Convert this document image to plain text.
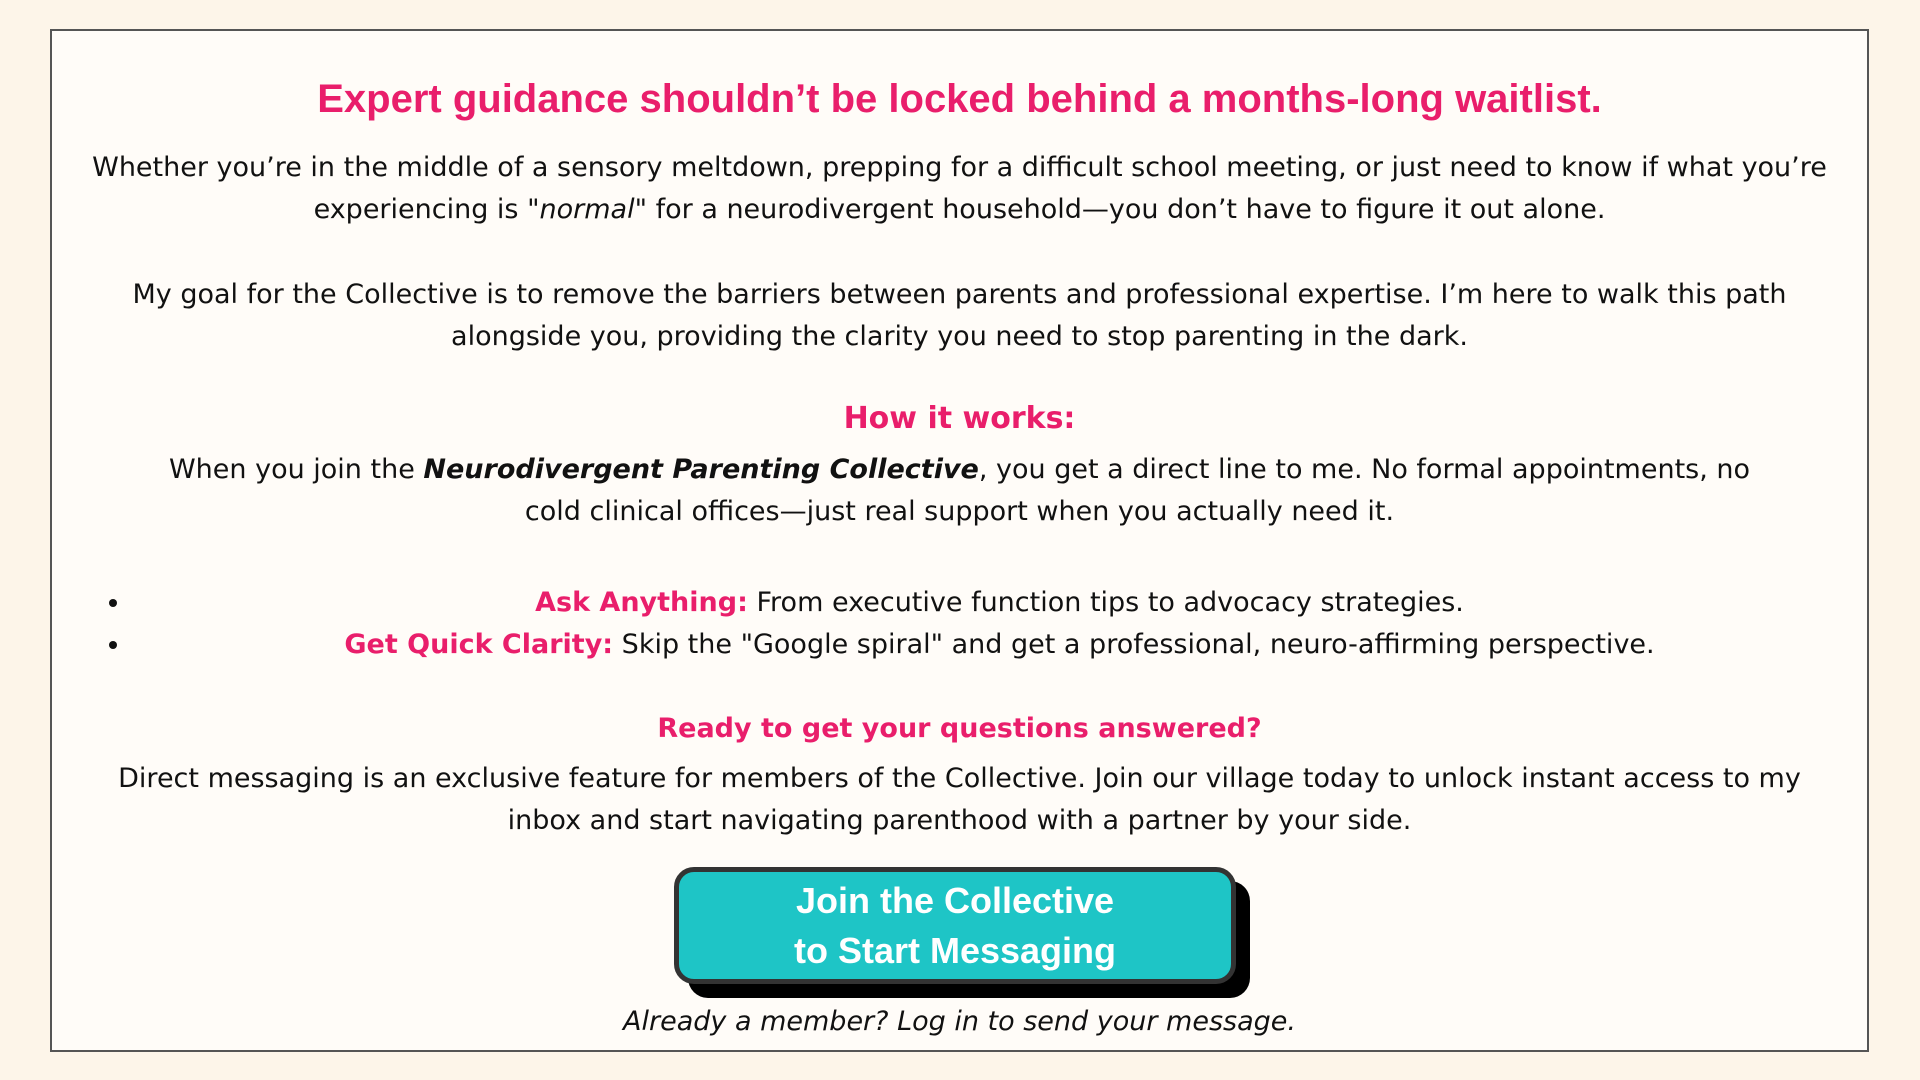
Expert guidance shouldn’t be locked behind a months-long waitlist.
Whether you’re in the middle of a sensory meltdown, prepping for a difficult school meeting, or just need to know if what you’re experiencing is "normal" for a neurodivergent household—you don’t have to figure it out alone.
My goal for the Collective is to remove the barriers between parents and professional expertise. I’m here to walk this path alongside you, providing the clarity you need to stop parenting in the dark.
How it works:
When you join the Neurodivergent Parenting Collective, you get a direct line to me. No formal appointments, no cold clinical offices—just real support when you actually need it.
• Ask Anything: From executive function tips to advocacy strategies.
• Get Quick Clarity: Skip the "Google spiral" and get a professional, neuro-affirming perspective.
Ready to get your questions answered?
Direct messaging is an exclusive feature for members of the Collective. Join our village today to unlock instant access to my inbox and start navigating parenthood with a partner by your side.
Join the Collective
to Start Messaging
Already a member? Log in to send your message.
